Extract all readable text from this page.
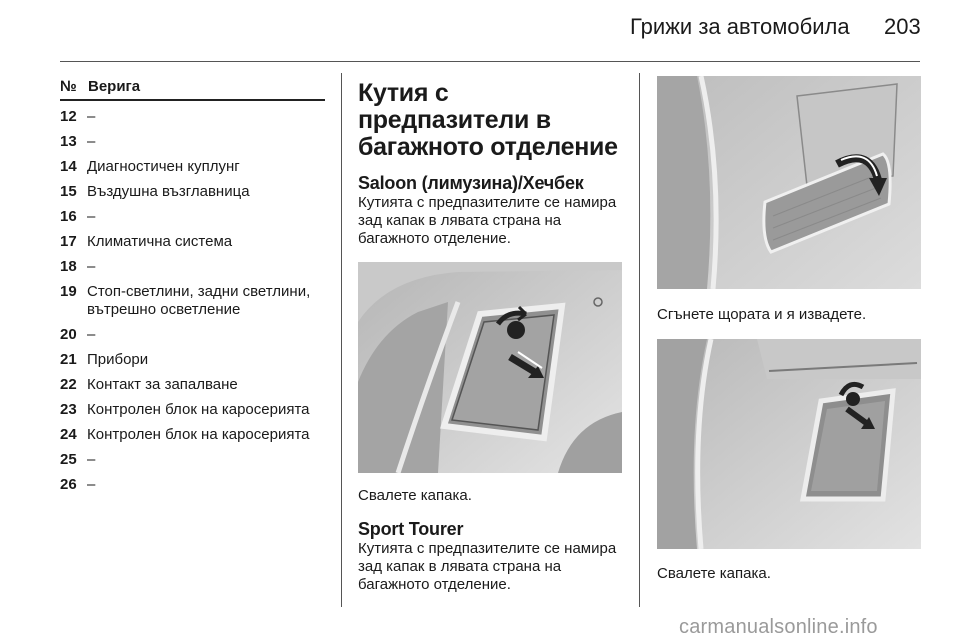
Грижи за автомобила 203
№ Верига
12 –
13 –
14 Диагностичен куплунг
15 Въздушна възглавница
16 –
17 Климатична система
18 –
19 Стоп-светлини, задни светлини, вътрешно осветление
20 –
21 Прибори
22 Контакт за запалване
23 Контролен блок на каросерията
24 Контролен блок на каросерията
25 –
26 –
Кутия с предпазители в багажното отделение
Saloon (лимузина)/Хечбек

Кутията с предпазителите се намира зад капак в лявата страна на багажното отделение.

Свалете капака.

Sport Tourer

Кутията с предпазителите се намира зад капак в лявата страна на багажното отделение.

Сгънете щората и я извадете.

Свалете капака.

carmanualsonline.info
